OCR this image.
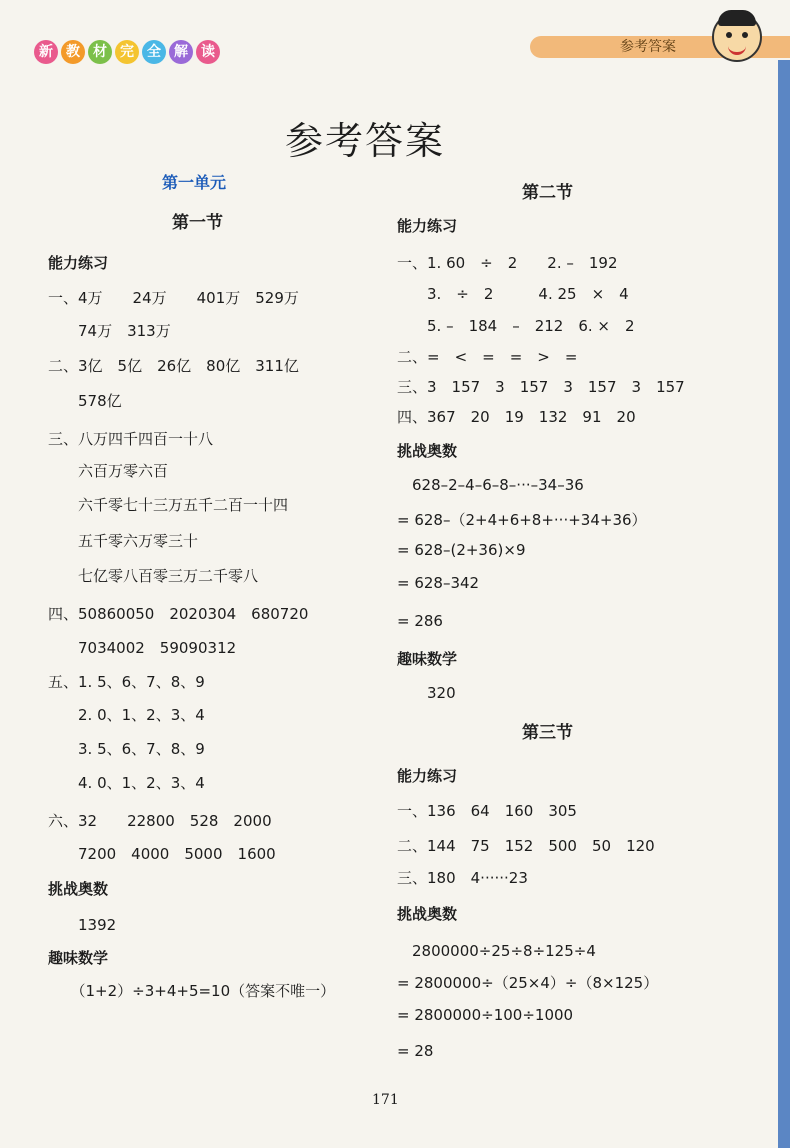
新 教 材 完 全 解 读	参考答案
参考答案
第一单元
第一节
第二节
第三节
能力练习
一、4万　　24万　　401万　529万
　　74万　313万
二、3亿　5亿　26亿　80亿　311亿
　　578亿
三、八万四千四百一十八
　　六百万零六百
　　六千零七十三万五千二百一十四
　　五千零六万零三十
　　七亿零八百零三万二千零八
四、50860050　2020304　680720
　　7034002　59090312
五、1. 5、6、7、8、9
　　2. 0、1、2、3、4
　　3. 5、6、7、8、9
　　4. 0、1、2、3、4
六、32　　22800　528　2000
　　7200　4000　5000　1600
挑战奥数
　　1392
趣味数学
　　（1+2）÷3+4+5=10（答案不唯一）
能力练习
一、1. 60　÷　2　　2. –　192
　　3.　÷　2　　　4. 25　×　4
　　5. –　184　–　212　6. ×　2
二、=　<　=　=　>　=
三、3　157　3　157　3　157　3　157
四、367　20　19　132　91　20
挑战奥数
　628–2–4–6–8–···–34–36
= 628–（2+4+6+8+···+34+36）
= 628–(2+36)×9
= 628–342
= 286
趣味数学
　　320
能力练习
一、136　64　160　305
二、144　75　152　500　50　120
三、180　4······23
挑战奥数
　2800000÷25÷8÷125÷4
= 2800000÷（25×4）÷（8×125）
= 2800000÷100÷1000
= 28
171
